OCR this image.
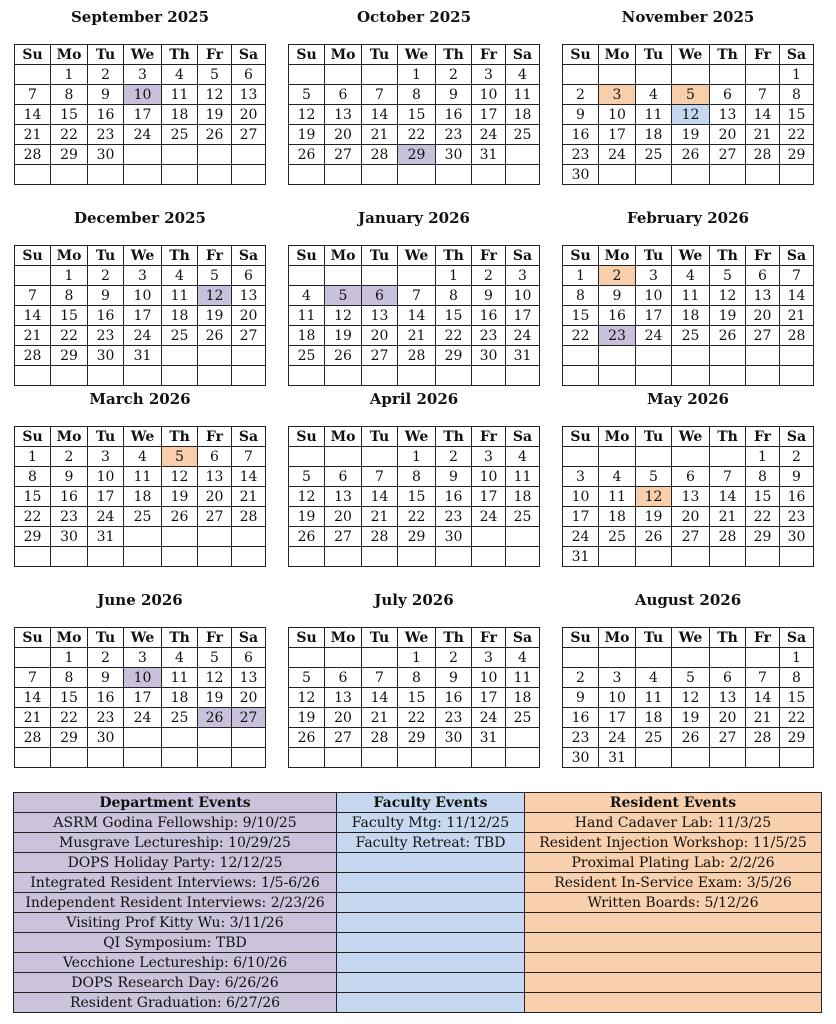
September 2025
Su	Mo	Tu	We	Th	Fr	Sa
	1	2	3	4	5	6
7	8	9	10	11	12	13
14	15	16	17	18	19	20
21	22	23	24	25	26	27
28	29	30				

October 2025
Su	Mo	Tu	We	Th	Fr	Sa
			1	2	3	4
5	6	7	8	9	10	11
12	13	14	15	16	17	18
19	20	21	22	23	24	25
26	27	28	29	30	31	

November 2025
Su	Mo	Tu	We	Th	Fr	Sa
						1
2	3	4	5	6	7	8
9	10	11	12	13	14	15
16	17	18	19	20	21	22
23	24	25	26	27	28	29
30						
December 2025
Su	Mo	Tu	We	Th	Fr	Sa
	1	2	3	4	5	6
7	8	9	10	11	12	13
14	15	16	17	18	19	20
21	22	23	24	25	26	27
28	29	30	31			

January 2026
Su	Mo	Tu	We	Th	Fr	Sa
				1	2	3
4	5	6	7	8	9	10
11	12	13	14	15	16	17
18	19	20	21	22	23	24
25	26	27	28	29	30	31

February 2026
Su	Mo	Tu	We	Th	Fr	Sa
1	2	3	4	5	6	7
8	9	10	11	12	13	14
15	16	17	18	19	20	21
22	23	24	25	26	27	28

March 2026
Su	Mo	Tu	We	Th	Fr	Sa
1	2	3	4	5	6	7
8	9	10	11	12	13	14
15	16	17	18	19	20	21
22	23	24	25	26	27	28
29	30	31				

April 2026
Su	Mo	Tu	We	Th	Fr	Sa
			1	2	3	4
5	6	7	8	9	10	11
12	13	14	15	16	17	18
19	20	21	22	23	24	25
26	27	28	29	30		

May 2026
Su	Mo	Tu	We	Th	Fr	Sa
					1	2
3	4	5	6	7	8	9
10	11	12	13	14	15	16
17	18	19	20	21	22	23
24	25	26	27	28	29	30
31						
June 2026
Su	Mo	Tu	We	Th	Fr	Sa
	1	2	3	4	5	6
7	8	9	10	11	12	13
14	15	16	17	18	19	20
21	22	23	24	25	26	27
28	29	30				

July 2026
Su	Mo	Tu	We	Th	Fr	Sa
			1	2	3	4
5	6	7	8	9	10	11
12	13	14	15	16	17	18
19	20	21	22	23	24	25
26	27	28	29	30	31	

August 2026
Su	Mo	Tu	We	Th	Fr	Sa
						1
2	3	4	5	6	7	8
9	10	11	12	13	14	15
16	17	18	19	20	21	22
23	24	25	26	27	28	29
30	31					
Department Events	Faculty Events	Resident Events
ASRM Godina Fellowship: 9/10/25	Faculty Mtg: 11/12/25	Hand Cadaver Lab: 11/3/25
Musgrave Lectureship: 10/29/25	Faculty Retreat: TBD	Resident Injection Workshop: 11/5/25
DOPS Holiday Party: 12/12/25		Proximal Plating Lab: 2/2/26
Integrated Resident Interviews: 1/5-6/26		Resident In-Service Exam: 3/5/26
Independent Resident Interviews: 2/23/26		Written Boards: 5/12/26
Visiting Prof Kitty Wu: 3/11/26		
QI Symposium: TBD		
Vecchione Lectureship: 6/10/26		
DOPS Research Day: 6/26/26		
Resident Graduation: 6/27/26		
